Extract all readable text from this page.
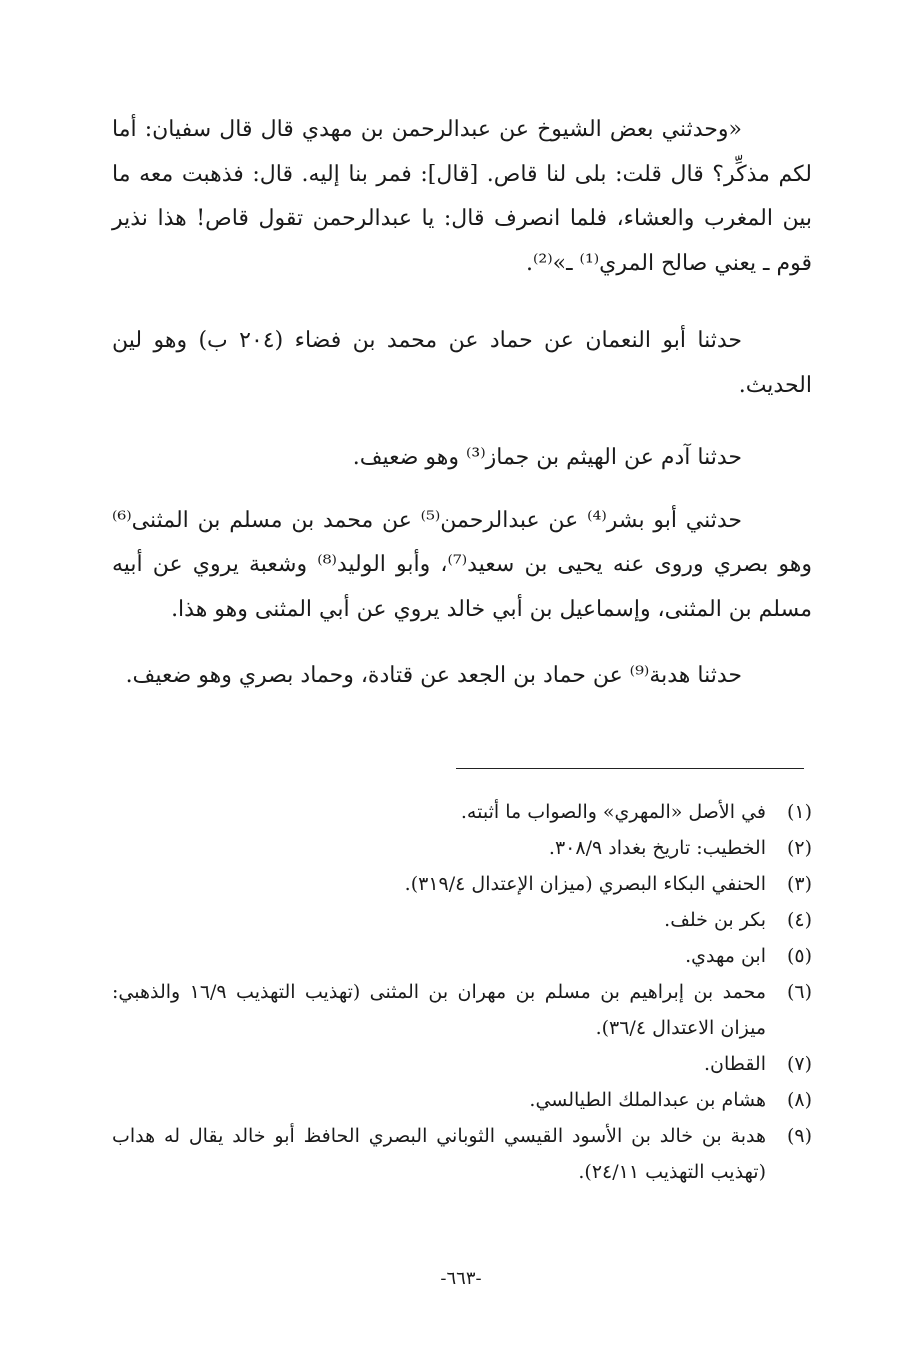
«وحدثني بعض الشيوخ عن عبدالرحمن بن مهدي قال قال سفيان: أما لكم مذكِّر؟ قال قلت: بلى لنا قاص. [قال]: فمر بنا إليه. قال: فذهبت معه ما بين المغرب والعشاء، فلما انصرف قال: يا عبدالرحمن تقول قاص! هذا نذير قوم ـ يعني صالح المري⁽¹⁾ ـ»⁽²⁾.

حدثنا أبو النعمان عن حماد عن محمد بن فضاء (٢٠٤ ب) وهو لين الحديث.

حدثنا آدم عن الهيثم بن جماز⁽³⁾ وهو ضعيف.

حدثني أبو بشر⁽⁴⁾ عن عبدالرحمن⁽⁵⁾ عن محمد بن مسلم بن المثنى⁽⁶⁾ وهو بصري وروى عنه يحيى بن سعيد⁽⁷⁾، وأبو الوليد⁽⁸⁾ وشعبة يروي عن أبيه مسلم بن المثنى، وإسماعيل بن أبي خالد يروي عن أبي المثنى وهو هذا.

حدثنا هدبة⁽⁹⁾ عن حماد بن الجعد عن قتادة، وحماد بصري وهو ضعيف.

(١)
في الأصل «المهري» والصواب ما أثبته.
(٢)
الخطيب: تاريخ بغداد ٣٠٨/٩.
(٣)
الحنفي البكاء البصري (ميزان الإعتدال ٣١٩/٤).
(٤)
بكر بن خلف.
(٥)
ابن مهدي.
(٦)
محمد بن إبراهيم بن مسلم بن مهران بن المثنى (تهذيب التهذيب ١٦/٩ والذهبي: ميزان الاعتدال ٣٦/٤).
(٧)
القطان.
(٨)
هشام بن عبدالملك الطيالسي.
(٩)
هدبة بن خالد بن الأسود القيسي الثوباني البصري الحافظ أبو خالد يقال له هداب (تهذيب التهذيب ٢٤/١١).
-٦٦٣-
